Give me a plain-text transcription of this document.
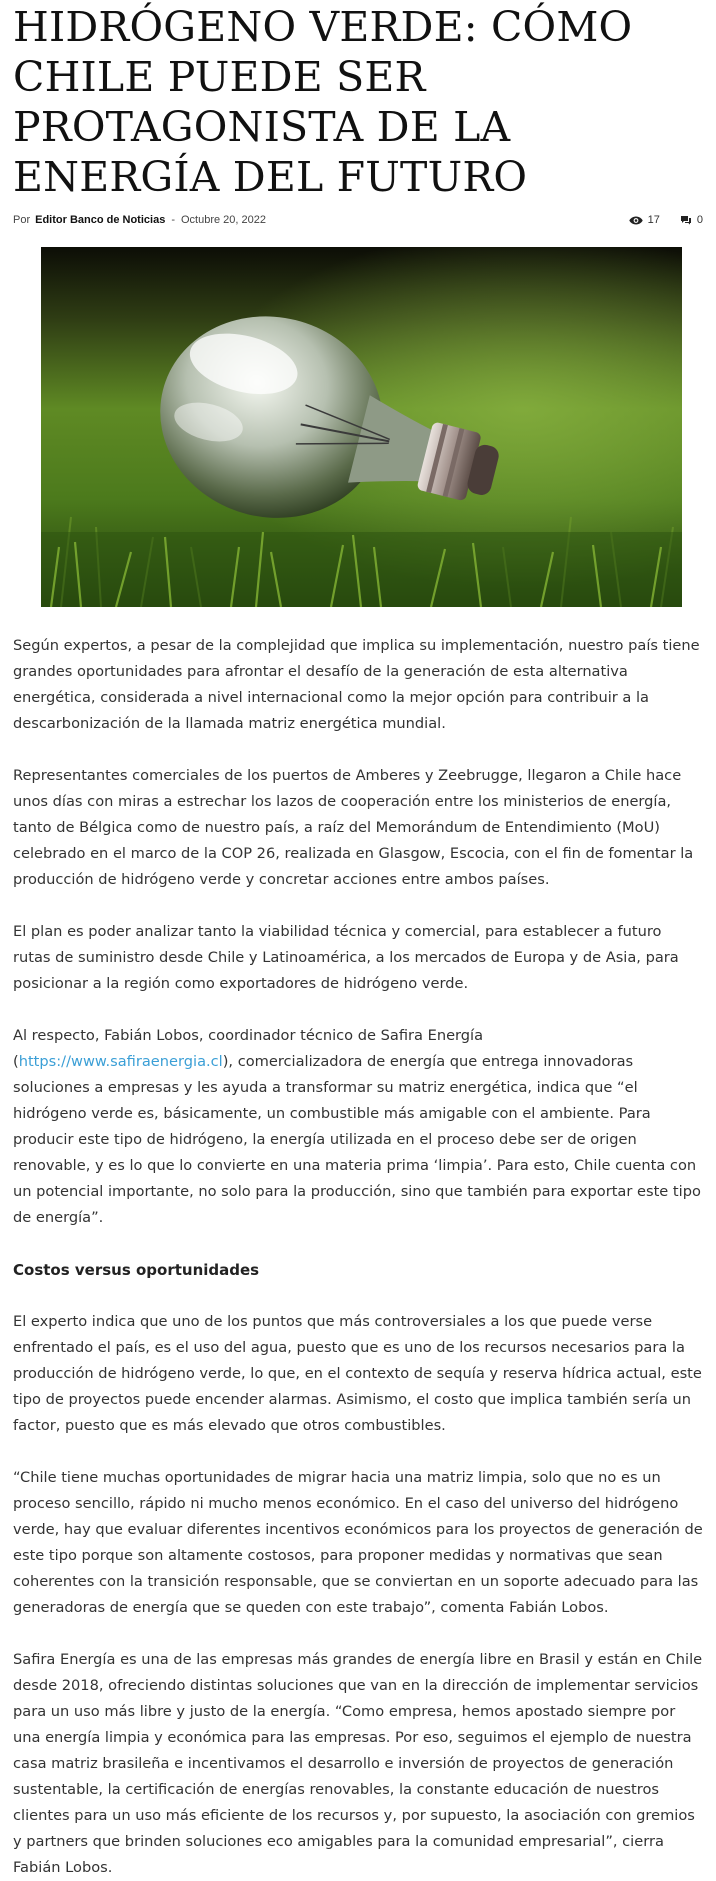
HIDRÓGENO VERDE: CÓMO CHILE PUEDE SER PROTAGONISTA DE LA ENERGÍA DEL FUTURO
Por Editor Banco de Noticias - Octubre 20, 2022	17	0

Según expertos, a pesar de la complejidad que implica su implementación, nuestro país tiene grandes oportunidades para afrontar el desafío de la generación de esta alternativa energética, considerada a nivel internacional como la mejor opción para contribuir a la descarbonización de la llamada matriz energética mundial.

Representantes comerciales de los puertos de Amberes y Zeebrugge, llegaron a Chile hace unos días con miras a estrechar los lazos de cooperación entre los ministerios de energía, tanto de Bélgica como de nuestro país, a raíz del Memorándum de Entendimiento (MoU) celebrado en el marco de la COP 26, realizada en Glasgow, Escocia, con el fin de fomentar la producción de hidrógeno verde y concretar acciones entre ambos países.

El plan es poder analizar tanto la viabilidad técnica y comercial, para establecer a futuro rutas de suministro desde Chile y Latinoamérica, a los mercados de Europa y de Asia, para posicionar a la región como exportadores de hidrógeno verde.

Al respecto, Fabián Lobos, coordinador técnico de Safira Energía (https://www.safiraenergia.cl), comercializadora de energía que entrega innovadoras soluciones a empresas y les ayuda a transformar su matriz energética, indica que “el hidrógeno verde es, básicamente, un combustible más amigable con el ambiente. Para producir este tipo de hidrógeno, la energía utilizada en el proceso debe ser de origen renovable, y es lo que lo convierte en una materia prima ‘limpia’. Para esto, Chile cuenta con un potencial importante, no solo para la producción, sino que también para exportar este tipo de energía”.

Costos versus oportunidades

El experto indica que uno de los puntos que más controversiales a los que puede verse enfrentado el país, es el uso del agua, puesto que es uno de los recursos necesarios para la producción de hidrógeno verde, lo que, en el contexto de sequía y reserva hídrica actual, este tipo de proyectos puede encender alarmas. Asimismo, el costo que implica también sería un factor, puesto que es más elevado que otros combustibles.

“Chile tiene muchas oportunidades de migrar hacia una matriz limpia, solo que no es un proceso sencillo, rápido ni mucho menos económico. En el caso del universo del hidrógeno verde, hay que evaluar diferentes incentivos económicos para los proyectos de generación de este tipo porque son altamente costosos, para proponer medidas y normativas que sean coherentes con la transición responsable, que se conviertan en un soporte adecuado para las generadoras de energía que se queden con este trabajo”, comenta Fabián Lobos.

Safira Energía es una de las empresas más grandes de energía libre en Brasil y están en Chile desde 2018, ofreciendo distintas soluciones que van en la dirección de implementar servicios para un uso más libre y justo de la energía. “Como empresa, hemos apostado siempre por una energía limpia y económica para las empresas. Por eso, seguimos el ejemplo de nuestra casa matriz brasileña e incentivamos el desarrollo e inversión de proyectos de generación sustentable, la certificación de energías renovables, la constante educación de nuestros clientes para un uso más eficiente de los recursos y, por supuesto, la asociación con gremios y partners que brinden soluciones eco amigables para la comunidad empresarial”, cierra Fabián Lobos.
